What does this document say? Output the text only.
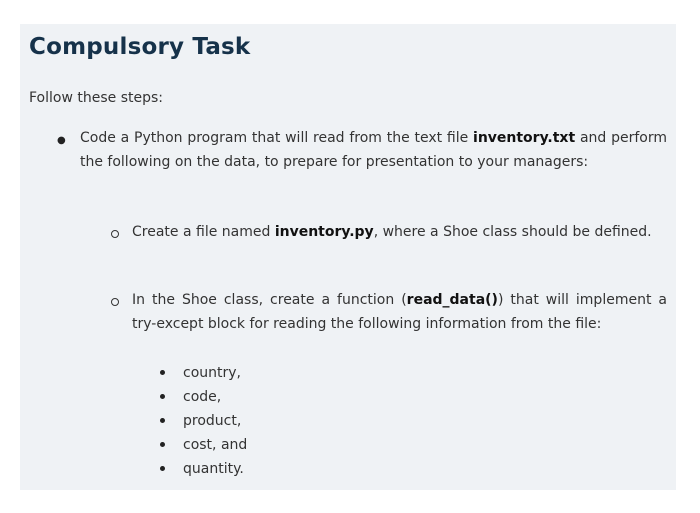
Compulsory Task
Follow these steps:
● Code a Python program that will read from the text file inventory.txt and perform the following on the data, to prepare for presentation to your managers:
Create a file named inventory.py, where a Shoe class should be defined.
In the Shoe class, create a function (read_data()) that will implement a try-except block for reading the following information from the file:
country,
code,
product,
cost, and
quantity.
